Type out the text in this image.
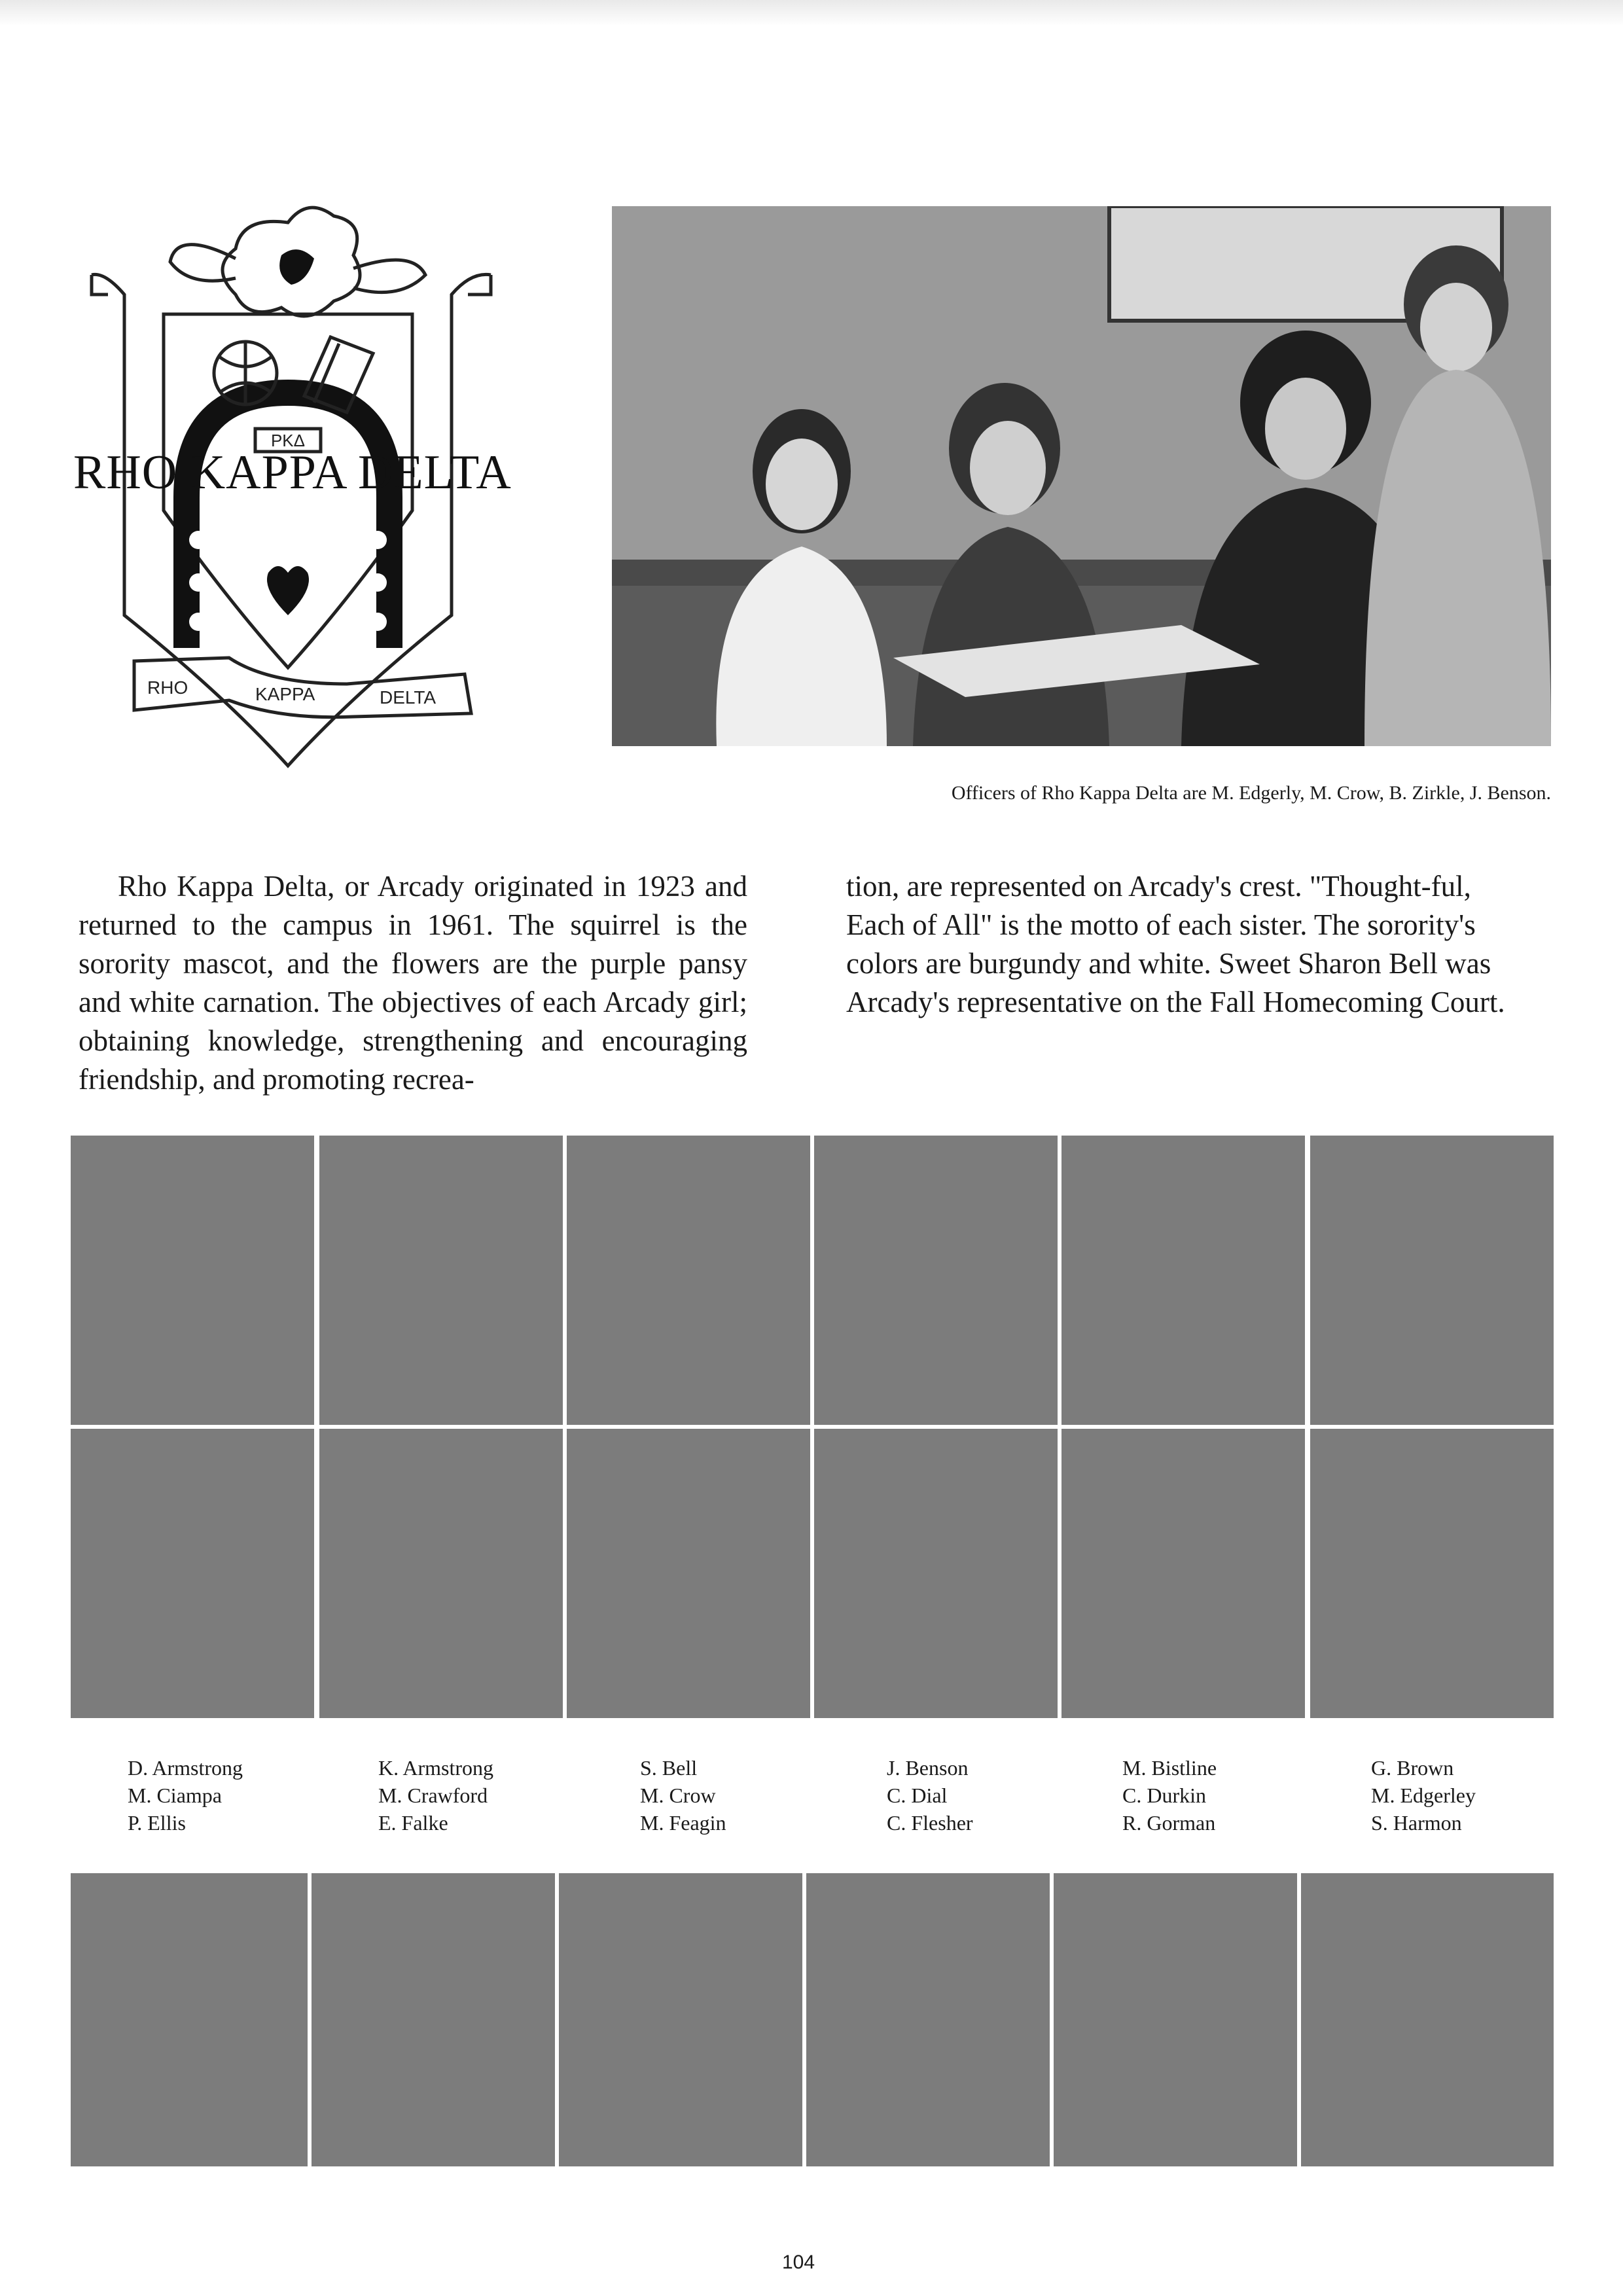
PKΔ
RHO	KAPPA	DELTA
RHO KAPPA DELTA
Officers of Rho Kappa Delta are M. Edgerly, M. Crow, B. Zirkle, J. Benson.
Rho Kappa Delta, or Arcady originated in 1923 and returned to the campus in 1961. The squirrel is the sorority mascot, and the flowers are the purple pansy and white carnation. The objectives of each Arcady girl; obtaining knowledge, strengthening and encouraging friendship, and promoting recrea-
tion, are represented on Arcady's crest. "Thought-ful, Each of All" is the motto of each sister. The sorority's colors are burgundy and white. Sweet Sharon Bell was Arcady's representative on the Fall Homecoming Court.
D. Armstrong
M. Ciampa
P. Ellis
K. Armstrong
M. Crawford
E. Falke
S. Bell
M. Crow
M. Feagin
J. Benson
C. Dial
C. Flesher
M. Bistline
C. Durkin
R. Gorman
G. Brown
M. Edgerley
S. Harmon
104
